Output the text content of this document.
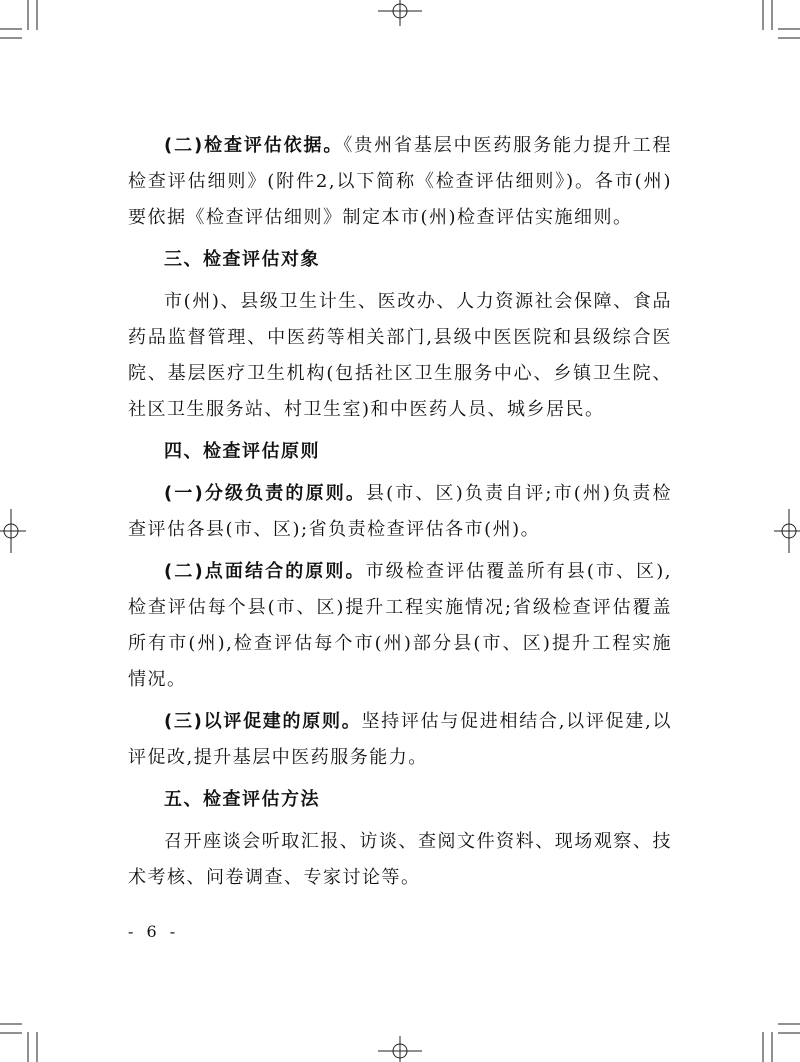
(二)检查评估依据。《贵州省基层中医药服务能力提升工程检查评估细则》(附件2,以下简称《检查评估细则》)。各市(州)要依据《检查评估细则》制定本市(州)检查评估实施细则。

三、检查评估对象

市(州)、县级卫生计生、医改办、人力资源社会保障、食品药品监督管理、中医药等相关部门,县级中医医院和县级综合医院、基层医疗卫生机构(包括社区卫生服务中心、乡镇卫生院、社区卫生服务站、村卫生室)和中医药人员、城乡居民。

四、检查评估原则

(一)分级负责的原则。县(市、区)负责自评;市(州)负责检查评估各县(市、区);省负责检查评估各市(州)。

(二)点面结合的原则。市级检查评估覆盖所有县(市、区),检查评估每个县(市、区)提升工程实施情况;省级检查评估覆盖所有市(州),检查评估每个市(州)部分县(市、区)提升工程实施情况。

(三)以评促建的原则。坚持评估与促进相结合,以评促建,以评促改,提升基层中医药服务能力。

五、检查评估方法

召开座谈会听取汇报、访谈、查阅文件资料、现场观察、技术考核、问卷调查、专家讨论等。

- 6 -
